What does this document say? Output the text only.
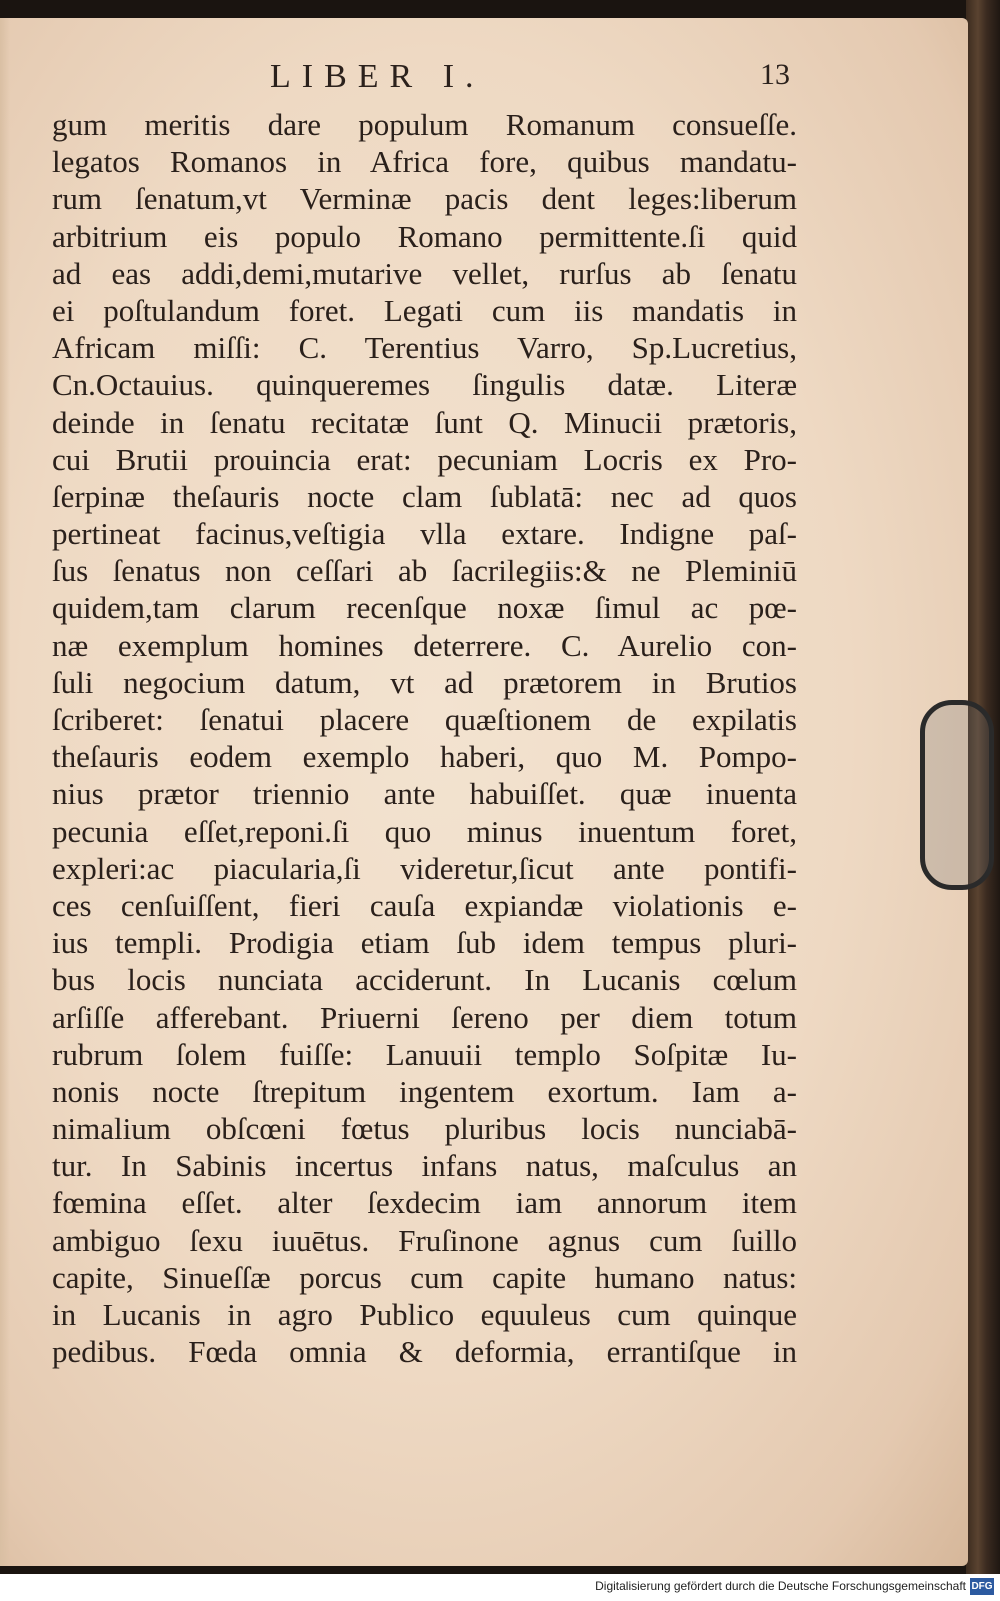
LIBER I.	13
gum meritis dare populum Romanum consueſſe.
legatos Romanos in Africa fore, quibus mandatu-
rum ſenatum,vt Verminæ pacis dent leges:liberum
arbitrium eis populo Romano permittente.ſi quid
ad eas addi,demi,mutarive vellet, rurſus ab ſenatu
ei poſtulandum foret. Legati cum iis mandatis in
Africam miſſi: C. Terentius Varro, Sp.Lucretius,
Cn.Octauius. quinqueremes ſingulis datæ. Literæ
deinde in ſenatu recitatæ ſunt Q. Minucii prætoris,
cui Brutii prouincia erat: pecuniam Locris ex Pro-
ſerpinæ theſauris nocte clam ſublatā: nec ad quos
pertineat facinus,veſtigia vlla extare. Indigne paſ-
ſus ſenatus non ceſſari ab ſacrilegiis:& ne Pleminiū
quidem,tam clarum recenſque noxæ ſimul ac pœ-
næ exemplum homines deterrere. C. Aurelio con-
ſuli negocium datum, vt ad prætorem in Brutios
ſcriberet: ſenatui placere quæſtionem de expilatis
theſauris eodem exemplo haberi, quo M. Pompo-
nius prætor triennio ante habuiſſet. quæ inuenta
pecunia eſſet,reponi.ſi quo minus inuentum foret,
expleri:ac piacularia,ſi videretur,ſicut ante pontifi-
ces cenſuiſſent, fieri cauſa expiandæ violationis e-
ius templi. Prodigia etiam ſub idem tempus pluri-
bus locis nunciata acciderunt. In Lucanis cœlum
arſiſſe afferebant. Priuerni ſereno per diem totum
rubrum ſolem fuiſſe: Lanuuii templo Soſpitæ Iu-
nonis nocte ſtrepitum ingentem exortum. Iam a-
nimalium obſcœni fœtus pluribus locis nunciabā-
tur. In Sabinis incertus infans natus, maſculus an
fœmina eſſet. alter ſexdecim iam annorum item
ambiguo ſexu iuuētus. Fruſinone agnus cum ſuillo
capite, Sinueſſæ porcus cum capite humano natus:
in Lucanis in agro Publico equuleus cum quinque
pedibus. Fœda omnia & deformia, errantiſque in
Digitalisierung gefördert durch die Deutsche Forschungsgemeinschaft DFG
